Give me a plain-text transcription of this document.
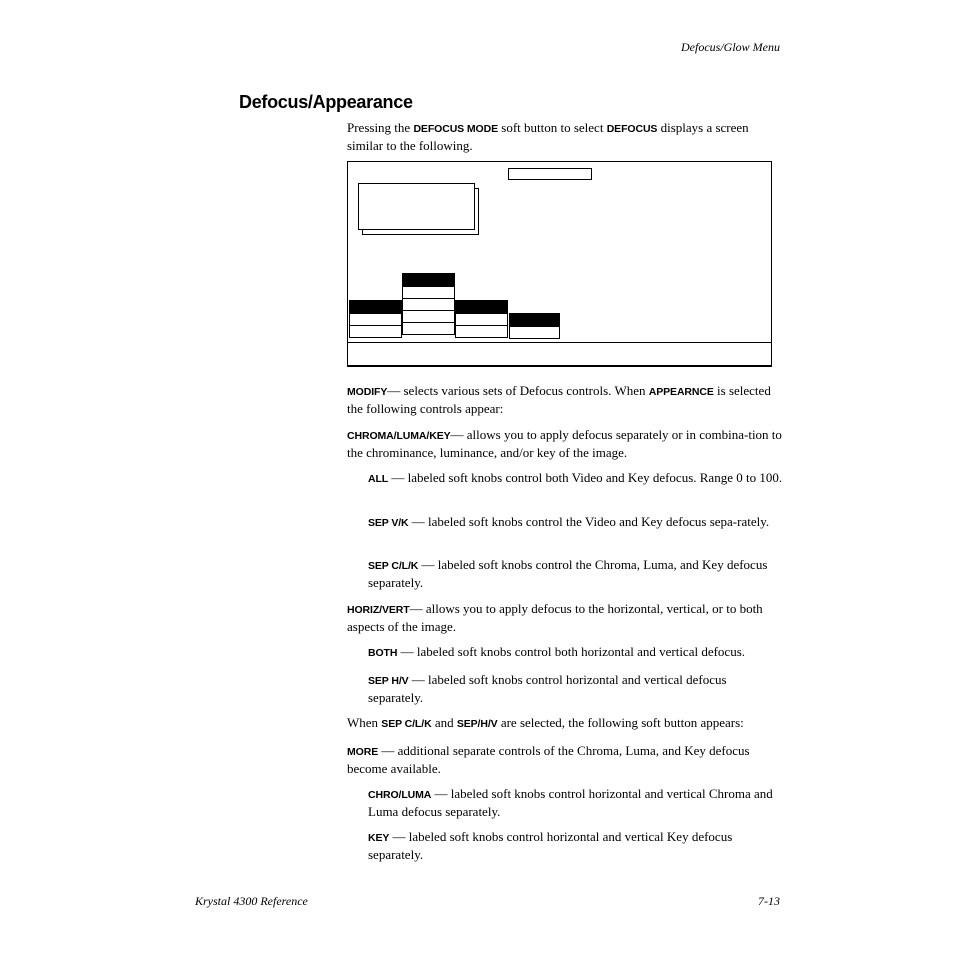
Defocus/Glow Menu
Defocus/Appearance

Pressing the DEFOCUS MODE soft button to select DEFOCUS displays a screen similar to the following.

MODIFY— selects various sets of Defocus controls. When APPEARNCE is selected the following controls appear:

CHROMA/LUMA/KEY— allows you to apply defocus separately or in combina-tion to the chrominance, luminance, and/or key of the image.

ALL — labeled soft knobs control both Video and Key defocus. Range 0 to 100.

SEP V/K — labeled soft knobs control the Video and Key defocus sepa-rately.

SEP C/L/K — labeled soft knobs control the Chroma, Luma, and Key defocus separately.

HORIZ/VERT— allows you to apply defocus to the horizontal, vertical, or to both aspects of the image.

BOTH — labeled soft knobs control both horizontal and vertical defocus.

SEP H/V — labeled soft knobs control horizontal and vertical defocus separately.

When SEP C/L/K and SEP/H/V are selected, the following soft button appears:

MORE — additional separate controls of the Chroma, Luma, and Key defocus become available.

CHRO/LUMA — labeled soft knobs control horizontal and vertical Chroma and Luma defocus separately.

KEY — labeled soft knobs control horizontal and vertical Key defocus separately.

Krystal 4300 Reference	7-13
